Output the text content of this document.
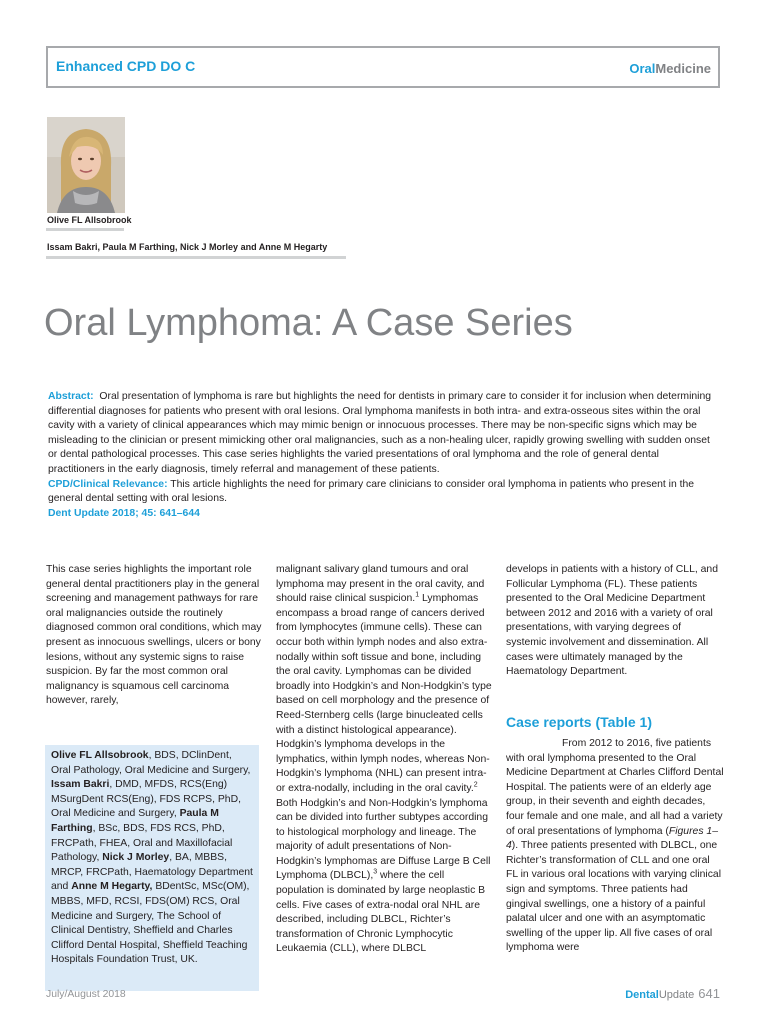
Enhanced CPD DO C	OralMedicine
Olive FL Allsobrook
Issam Bakri, Paula M Farthing, Nick J Morley and Anne M Hegarty
Oral Lymphoma: A Case Series
Abstract: Oral presentation of lymphoma is rare but highlights the need for dentists in primary care to consider it for inclusion when determining differential diagnoses for patients who present with oral lesions. Oral lymphoma manifests in both intra- and extra-osseous sites within the oral cavity with a variety of clinical appearances which may mimic benign or innocuous processes. There may be non-specific signs which may be misleading to the clinician or present mimicking other oral malignancies, such as a non-healing ulcer, rapidly growing swelling with sudden onset or dental pathological processes. This case series highlights the varied presentations of oral lymphoma and the role of general dental practitioners in the early diagnosis, timely referral and management of these patients.
CPD/Clinical Relevance: This article highlights the need for primary care clinicians to consider oral lymphoma in patients who present in the general dental setting with oral lesions.
Dent Update 2018; 45: 641–644
This case series highlights the important role general dental practitioners play in the general screening and management pathways for rare oral malignancies outside the routinely diagnosed common oral conditions, which may present as innocuous swellings, ulcers or bony lesions, without any systemic signs to raise suspicion. By far the most common oral malignancy is squamous cell carcinoma however, rarely,
Olive FL Allsobrook, BDS, DClinDent, Oral Pathology, Oral Medicine and Surgery, Issam Bakri, DMD, MFDS, RCS(Eng) MSurgDent RCS(Eng), FDS RCPS, PhD, Oral Medicine and Surgery, Paula M Farthing, BSc, BDS, FDS RCS, PhD, FRCPath, FHEA, Oral and Maxillofacial Pathology, Nick J Morley, BA, MBBS, MRCP, FRCPath, Haematology Department and Anne M Hegarty, BDentSc, MSc(OM), MBBS, MFD, RCSI, FDS(OM) RCS, Oral Medicine and Surgery, The School of Clinical Dentistry, Sheffield and Charles Clifford Dental Hospital, Sheffield Teaching Hospitals Foundation Trust, UK.
malignant salivary gland tumours and oral lymphoma may present in the oral cavity, and should raise clinical suspicion.$^1$ Lymphomas encompass a broad range of cancers derived from lymphocytes (immune cells). These can occur both within lymph nodes and also extra-nodally within soft tissue and bone, including the oral cavity. Lymphomas can be divided broadly into Hodgkin’s and Non-Hodgkin’s type based on cell morphology and the presence of Reed-Sternberg cells (large binucleated cells with a distinct histological appearance). Hodgkin’s lymphoma develops in the lymphatics, within lymph nodes, whereas Non-Hodgkin’s lymphoma (NHL) can present intra- or extra-nodally, including in the oral cavity.$^2$ Both Hodgkin’s and Non-Hodgkin’s lymphoma can be divided into further subtypes according to histological morphology and lineage. The majority of adult presentations of Non-Hodgkin’s lymphomas are Diffuse Large B Cell Lymphoma (DLBCL),$^3$ where the cell population is dominated by large neoplastic B cells. Five cases of extra-nodal oral NHL are described, including DLBCL, Richter’s transformation of Chronic Lymphocytic Leukaemia (CLL), where DLBCL
develops in patients with a history of CLL, and Follicular Lymphoma (FL). These patients presented to the Oral Medicine Department between 2012 and 2016 with a variety of oral presentations, with varying degrees of systemic involvement and dissemination. All cases were ultimately managed by the Haematology Department.
Case reports (Table 1)
From 2012 to 2016, five patients with oral lymphoma presented to the Oral Medicine Department at Charles Clifford Dental Hospital. The patients were of an elderly age group, in their seventh and eighth decades, four female and one male, and all had a variety of oral presentations of lymphoma (Figures 1–4). Three patients presented with DLBCL, one Richter’s transformation of CLL and one oral FL in various oral locations with varying clinical sign and symptoms. Three patients had gingival swellings, one a history of a painful palatal ulcer and one with an asymptomatic swelling of the upper lip. All five cases of oral lymphoma were
July/August 2018	DentalUpdate 641
